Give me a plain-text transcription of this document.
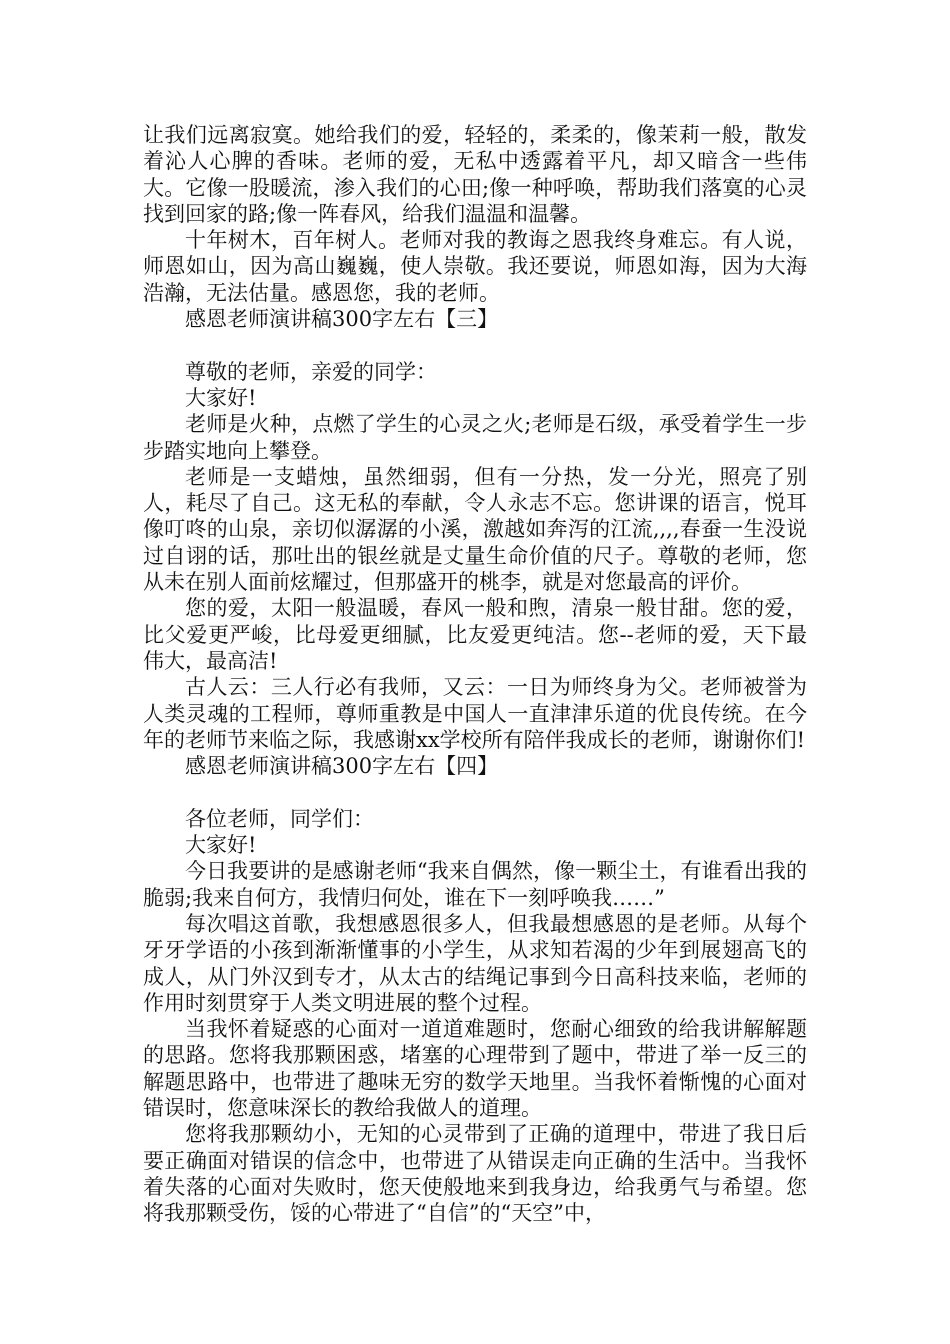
让我们远离寂寞。她给我们的爱，轻轻的，柔柔的，像茉莉一般，散发着沁人心脾的香味。老师的爱，无私中透露着平凡，却又暗含一些伟大。它像一股暖流，渗入我们的心田;像一种呼唤，帮助我们落寞的心灵找到回家的路;像一阵春风，给我们温温和温馨。

十年树木，百年树人。老师对我的教诲之恩我终身难忘。有人说，师恩如山，因为高山巍巍，使人崇敬。我还要说，师恩如海，因为大海浩瀚，无法估量。感恩您，我的老师。

感恩老师演讲稿300字左右【三】

尊敬的老师，亲爱的同学：

大家好!

老师是火种，点燃了学生的心灵之火;老师是石级，承受着学生一步步踏实地向上攀登。

老师是一支蜡烛，虽然细弱，但有一分热，发一分光，照亮了别人，耗尽了自己。这无私的奉献，令人永志不忘。您讲课的语言，悦耳像叮咚的山泉，亲切似潺潺的小溪，激越如奔泻的江流,,,,春蚕一生没说过自诩的话，那吐出的银丝就是丈量生命价值的尺子。尊敬的老师，您从未在别人面前炫耀过，但那盛开的桃李，就是对您最高的评价。

您的爱，太阳一般温暖，春风一般和煦，清泉一般甘甜。您的爱，比父爱更严峻，比母爱更细腻，比友爱更纯洁。您--老师的爱，天下最伟大，最高洁!

古人云：三人行必有我师，又云：一日为师终身为父。老师被誉为人类灵魂的工程师，尊师重教是中国人一直津津乐道的优良传统。在今年的老师节来临之际，我感谢xx学校所有陪伴我成长的老师，谢谢你们!

感恩老师演讲稿300字左右【四】

各位老师，同学们：

大家好!

今日我要讲的是感谢老师“我来自偶然，像一颗尘土，有谁看出我的脆弱;我来自何方，我情归何处，谁在下一刻呼唤我……”

每次唱这首歌，我想感恩很多人，但我最想感恩的是老师。从每个牙牙学语的小孩到渐渐懂事的小学生，从求知若渴的少年到展翅高飞的成人，从门外汉到专才，从太古的结绳记事到今日高科技来临，老师的作用时刻贯穿于人类文明进展的整个过程。

当我怀着疑惑的心面对一道道难题时，您耐心细致的给我讲解解题的思路。您将我那颗困惑，堵塞的心理带到了题中，带进了举一反三的解题思路中，也带进了趣味无穷的数学天地里。当我怀着惭愧的心面对错误时，您意味深长的教给我做人的道理。

您将我那颗幼小，无知的心灵带到了正确的道理中，带进了我日后要正确面对错误的信念中，也带进了从错误走向正确的生活中。当我怀着失落的心面对失败时，您天使般地来到我身边，给我勇气与希望。您将我那颗受伤，馁的心带进了“自信”的“天空”中，
